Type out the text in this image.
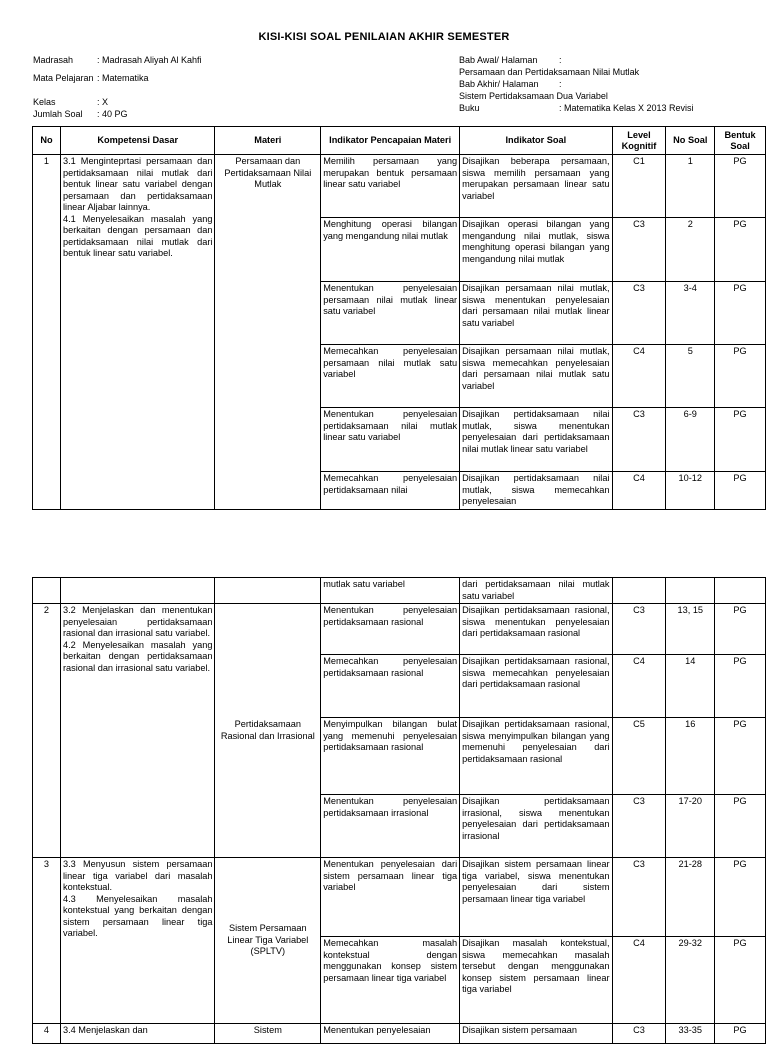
KISI-KISI SOAL PENILAIAN AKHIR SEMESTER
Madrasah	: Madrasah Aliyah Al Kahfi
Mata Pelajaran : Matematika
Kelas	: X
Jumlah Soal	: 40 PG
Bab Awal/ Halaman	:
Persamaan dan Pertidaksamaan Nilai Mutlak
Bab Akhir/ Halaman	:
Sistem Pertidaksamaan Dua Variabel
Buku	: Matematika Kelas X 2013 Revisi
No	Kompetensi Dasar	Materi	Indikator Pencapaian Materi	Indikator Soal	Level Kognitif	No Soal	Bentuk Soal
1	3.1 Menginteprtasi persamaan dan pertidaksamaan nilai mutlak dari bentuk linear satu variabel dengan persamaan dan pertidaksamaan linear Aljabar lainnya.
4.1 Menyelesaikan masalah yang berkaitan dengan persamaan dan pertidaksamaan nilai mutlak dari bentuk linear satu variabel.	Persamaan dan Pertidaksamaan Nilai Mutlak	Memilih persamaan yang merupakan bentuk persamaan linear satu variabel	Disajikan beberapa persamaan, siswa memilih persamaan yang merupakan persamaan linear satu variabel	C1	1	PG
			Menghitung operasi bilangan yang mengandung nilai mutlak	Disajikan operasi bilangan yang mengandung nilai mutlak, siswa menghitung operasi bilangan yang mengandung nilai mutlak	C3	2	PG
			Menentukan penyelesaian persamaan nilai mutlak linear satu variabel	Disajikan persamaan nilai mutlak, siswa menentukan penyelesaian dari persamaan nilai mutlak linear satu variabel	C3	3-4	PG
			Memecahkan penyelesaian persamaan nilai mutlak satu variabel	Disajikan persamaan nilai mutlak, siswa memecahkan penyelesaian dari persamaan nilai mutlak satu variabel	C4	5	PG
			Menentukan penyelesaian pertidaksamaan nilai mutlak linear satu variabel	Disajikan pertidaksamaan nilai mutlak, siswa menentukan penyelesaian dari pertidaksamaan nilai mutlak linear satu variabel	C3	6-9	PG
			Memecahkan penyelesaian pertidaksamaan nilai	Disajikan pertidaksamaan nilai mutlak, siswa memecahkan penyelesaian	C4	10-12	PG
			mutlak satu variabel	dari pertidaksamaan nilai mutlak satu variabel			
2	3.2 Menjelaskan dan menentukan penyelesaian pertidaksamaan rasional dan irrasional satu variabel.
4.2 Menyelesaikan masalah yang berkaitan dengan pertidaksamaan rasional dan irrasional satu variabel.	Pertidaksamaan Rasional dan Irrasional	Menentukan penyelesaian pertidaksamaan rasional	Disajikan pertidaksamaan rasional, siswa menentukan penyelesaian dari pertidaksamaan rasional	C3	13, 15	PG
			Memecahkan penyelesaian pertidaksamaan rasional	Disajikan pertidaksamaan rasional, siswa memecahkan penyelesaian dari pertidaksamaan rasional	C4	14	PG
			Menyimpulkan bilangan bulat yang memenuhi penyelesaian pertidaksamaan rasional	Disajikan pertidaksamaan rasional, siswa menyimpulkan bilangan yang memenuhi penyelesaian dari pertidaksamaan rasional	C5	16	PG
			Menentukan penyelesaian pertidaksamaan irrasional	Disajikan pertidaksamaan irrasional, siswa menentukan penyelesaian dari pertidaksamaan irrasional	C3	17-20	PG
3	3.3 Menyusun sistem persamaan linear tiga variabel dari masalah kontekstual.
4.3 Menyelesaikan masalah kontekstual yang berkaitan dengan sistem persamaan linear tiga variabel.	Sistem Persamaan Linear Tiga Variabel (SPLTV)	Menentukan penyelesaian dari sistem persamaan linear tiga variabel	Disajikan sistem persamaan linear tiga variabel, siswa menentukan penyelesaian dari sistem persamaan linear tiga variabel	C3	21-28	PG
			Memecahkan masalah kontekstual dengan menggunakan konsep sistem persamaan linear tiga variabel	Disajikan masalah kontekstual, siswa memecahkan masalah tersebut dengan menggunakan konsep sistem persamaan linear tiga variabel	C4	29-32	PG
4	3.4 Menjelaskan dan	Sistem	Menentukan penyelesaian	Disajikan sistem persamaan	C3	33-35	PG
